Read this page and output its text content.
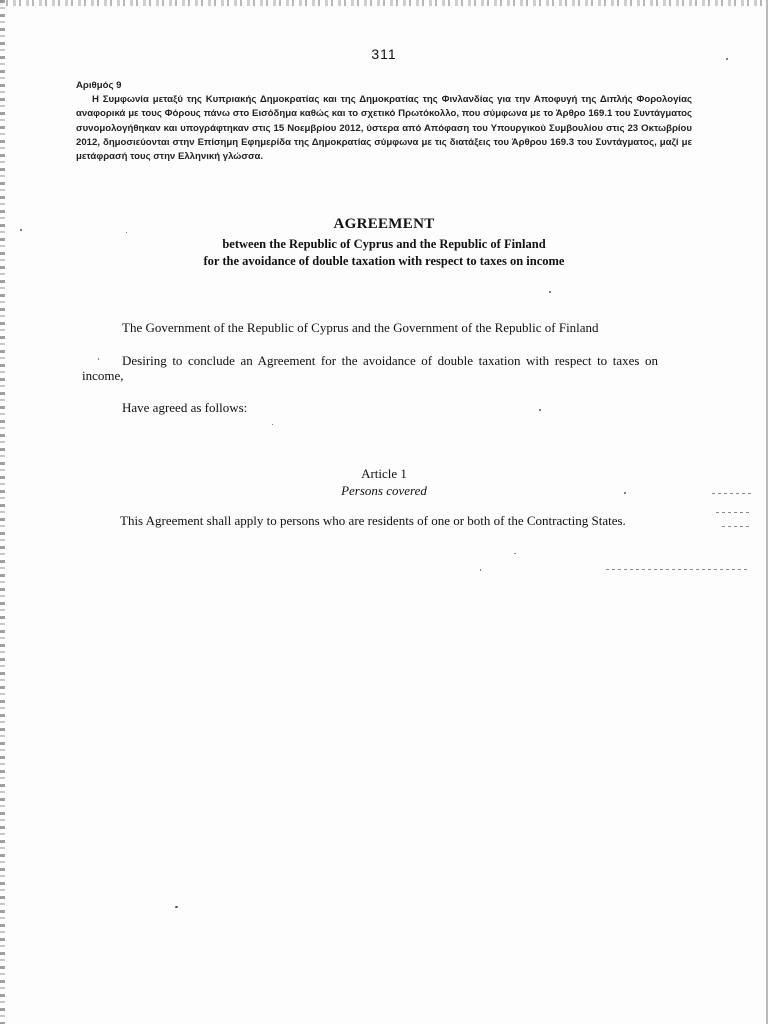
311
Αριθμός 9
Η Συμφωνία μεταξύ της Κυπριακής Δημοκρατίας και της Δημοκρατίας της Φινλανδίας για την Αποφυγή της Διπλής Φορολογίας αναφορικά με τους Φόρους πάνω στο Εισόδημα καθώς και το σχετικό Πρωτόκολλο, που σύμφωνα με το Άρθρο 169.1 του Συντάγματος συνομολογήθηκαν και υπογράφτηκαν στις 15 Νοεμβρίου 2012, ύστερα από Απόφαση του Υπουργικού Συμβουλίου στις 23 Οκτωβρίου 2012, δημοσιεύονται στην Επίσημη Εφημερίδα της Δημοκρατίας σύμφωνα με τις διατάξεις του Άρθρου 169.3 του Συντάγματος, μαζί με μετάφρασή τους στην Ελληνική γλώσσα.
AGREEMENT
between the Republic of Cyprus and the Republic of Finland
for the avoidance of double taxation with respect to taxes on income
The Government of the Republic of Cyprus and the Government of the Republic of Finland
Desiring to conclude an Agreement for the avoidance of double taxation with respect to taxes on income,
Have agreed as follows:
Article 1
Persons covered
This Agreement shall apply to persons who are residents of one or both of the Contracting States.
